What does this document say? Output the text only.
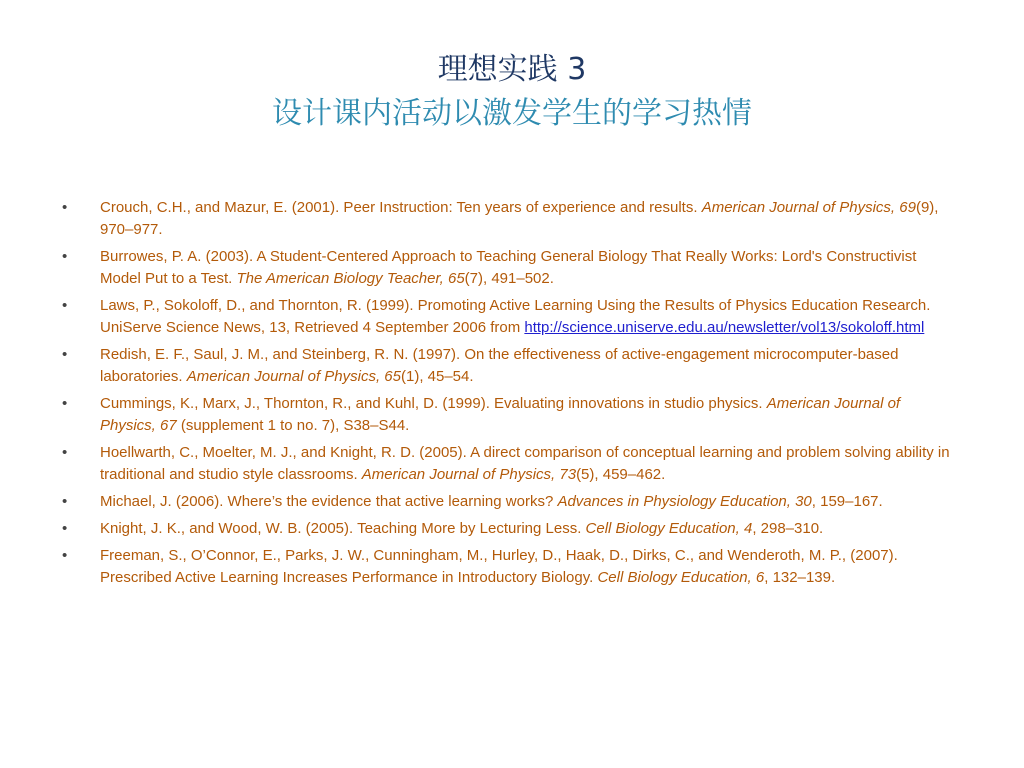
理想实践 3
设计课内活动以激发学生的学习热情
• Crouch, C.H., and Mazur, E. (2001). Peer Instruction: Ten years of experience and results. American Journal of Physics, 69(9), 970–977.
• Burrowes, P. A. (2003). A Student-Centered Approach to Teaching General Biology That Really Works: Lord's Constructivist Model Put to a Test. The American Biology Teacher, 65(7), 491–502.
• Laws, P., Sokoloff, D., and Thornton, R. (1999). Promoting Active Learning Using the Results of Physics Education Research. UniServe Science News, 13, Retrieved 4 September 2006 from http://science.uniserve.edu.au/newsletter/vol13/sokoloff.html
• Redish, E. F., Saul, J. M., and Steinberg, R. N. (1997). On the effectiveness of active-engagement microcomputer-based laboratories. American Journal of Physics, 65(1), 45–54.
• Cummings, K., Marx, J., Thornton, R., and Kuhl, D. (1999). Evaluating innovations in studio physics. American Journal of Physics, 67 (supplement 1 to no. 7), S38–S44.
• Hoellwarth, C., Moelter, M. J., and Knight, R. D. (2005). A direct comparison of conceptual learning and problem solving ability in traditional and studio style classrooms. American Journal of Physics, 73(5), 459–462.
• Michael, J. (2006). Where’s the evidence that active learning works? Advances in Physiology Education, 30, 159–167.
• Knight, J. K., and Wood, W. B. (2005). Teaching More by Lecturing Less. Cell Biology Education, 4, 298–310.
• Freeman, S., O’Connor, E., Parks, J. W., Cunningham, M., Hurley, D., Haak, D., Dirks, C., and Wenderoth, M. P., (2007). Prescribed Active Learning Increases Performance in Introductory Biology. Cell Biology Education, 6, 132–139.
